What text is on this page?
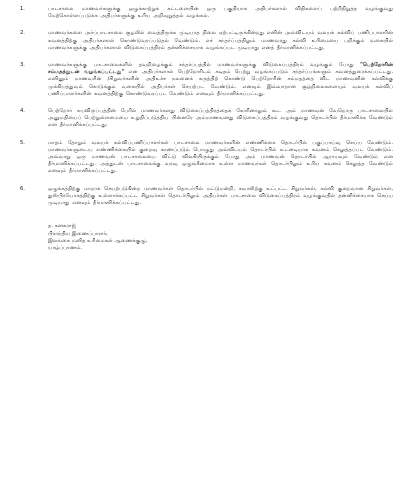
1.	பாடசாலை மாணவர்களுக்கு ஒழுக்காற்றுக் கட்டளையின் ஒரு பகுதியாக அதிபர்களால் விதிகளைப் பற்றிநிறுத்த வழங்குவது மேற்கொள்ளப்படுக்க அதிபர்களுக்கு உரிய அறிவுறுத்தல் வழங்கல்.
2.	மாணவர்களை அர்ப்பாடசாலை சூழலில் வைத்திருக்க முடியாத நிலை ஏற்பட்டிருக்கின்றது எனின் அவ்விடயம் வலயக் கல்விப் பணிப்பாளரின் கவனத்திற்கு அதிபர்களால் கொண்டுவரப்படுதல் வேண்டும். எச் சந்தர்ப்பத்திலும் மாணவரது கல்வி உரிமையை பறிக்கும் வகையில் மாணவர்களுக்கு அதிபர்களால் விடுகைப்பத்திரம் தன்னிச்சையாக வழங்கப்பட முடியாது எனத் தீர்மானிக்கப்பட்டது.
3.	மாணவர்களுக்கு பாடசாலைகளில் தவறிழைக்கும் சந்தர்ப்பத்தில் மாணவர்களுக்கு விடுகைப்பத்திரம் வழங்கும் போது "பெற்றோரின் சம்மதத்துடன் வழங்கப்பட்டது" என அதிபர்களால் பெற்றோரிடம் கடிதம் பெற்று வழங்கப்படும் சந்தர்ப்பங்களும் கவனத்துரைக்கப்பட்டது. எனினும் மாணவரின் /சிறுவர்களின் அதிஉச்ச நலனைக் கருத்திற் கொண்டு பெற்றோரின் சம்மதத்தை விட மாணவனின் கல்விக்கு முக்கியத்துவம் கொடுக்கும் வகையில் அதிபர்கள் செயற்பட வேண்டும். எனவும் இவ்வாறான சூழ்நிலைகளையும் வலயக் கல்விப் பணிப்பாளர்களின் கவனத்திற்கு கொண்டுவரப்பட வேண்டும் எனவும் தீர்மானிக்கப்பட்டது.
4.	பெற்றோர் சுயவிருப்பத்தின் பேரில் மாணவர்களது விடுகைப்பத்திரத்தைக் கோரினாலும் கூட அம் மாணவன் வேறொரு பாடசாலையில் அனுமதியைப் பெற்றுள்ளமையை உறுதிப்படுத்திய பின்னரே அம்மாணவனது விடுகைப்பத்திரம் வழங்குவது தொடர்பில் தீர்மானிக்க வேண்டும் என தீர்மானிக்கப்பட்டது.
5.	மாதம் தோறும் வலயக் கல்விப்பணிப்பாளர்கள் பாடசாலை மாணவர்களின் எண்ணிக்கை தொடர்பில் பகுப்பாய்வு செய்ய வேண்டும். மாணவர்களுடைய எண்ணிக்கையில் குறைவு காணப்படும் பொழுது அவ்விடயம் தொடர்பில் உடனடியாக கவனம் செலுத்தப்பட வேண்டும். அவ்வாறு ஒரு மாணவன் பாடசாலையை விட்டு விலகியிருக்கும் போது அம் மாணவன் தொடர்பில் ஆராயவும் வேண்டும் என தீர்மானிக்கப்பட்டது. அத்துடன் பாடசாலைக்கு வரவு ஒழுங்கீனமாக உள்ள மாணவர்கள் தொடர்பிலும் உரிய கவனம் செலுத்த வேண்டும் எனவும் தீர்மானிக்கப்பட்டது.
6.	ஒழுக்கத்திற்கு மாறாக செயற்படுகின்ற மாணவர்கள் தொடர்பில் மட்டுமன்றி, சவாலிற்கு உட்பட்ட சிறுவர்கள், கல்வி குறைவான சிறுவர்கள், துஸ்பிரயோகத்திற்கு உள்ளாக்கப்பட்ட சிறுவர்கள் தொடர்பிலும் அதிபர்கள் பாடசாலை விடுகைப்பத்திரம் வழங்குவதில் தன்னிச்சையாக செய்ய முடியாது எனவும் தீர்மானிக்கப்பட்டது.
த. கனகராஜ்
பிராந்திய இணைப்பாளர்,
இலங்கை மனித உரிமைகள் ஆணைக்குழு,
யாழ்ப்பாணம்.
